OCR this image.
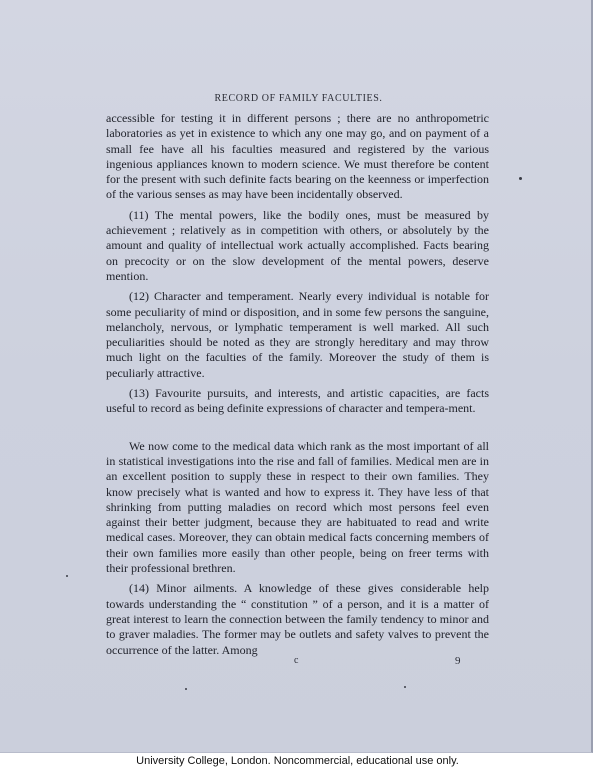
RECORD OF FAMILY FACULTIES.

accessible for testing it in different persons ; there are no anthropometric laboratories as yet in existence to which any one may go, and on payment of a small fee have all his faculties measured and registered by the various ingenious appliances known to modern science. We must therefore be content for the present with such definite facts bearing on the keenness or imperfection of the various senses as may have been incidentally observed.

(11) The mental powers, like the bodily ones, must be measured by achievement ; relatively as in competition with others, or absolutely by the amount and quality of intellectual work actually accomplished. Facts bearing on precocity or on the slow development of the mental powers, deserve mention.

(12) Character and temperament. Nearly every individual is notable for some peculiarity of mind or disposition, and in some few persons the sanguine, melancholy, nervous, or lymphatic temperament is well marked. All such peculiarities should be noted as they are strongly hereditary and may throw much light on the faculties of the family. Moreover the study of them is peculiarly attractive.

(13) Favourite pursuits, and interests, and artistic capacities, are facts useful to record as being definite expressions of character and tempera-ment.

We now come to the medical data which rank as the most important of all in statistical investigations into the rise and fall of families. Medical men are in an excellent position to supply these in respect to their own families. They know precisely what is wanted and how to express it. They have less of that shrinking from putting maladies on record which most persons feel even against their better judgment, because they are habituated to read and write medical cases. Moreover, they can obtain medical facts concerning members of their own families more easily than other people, being on freer terms with their professional brethren.

(14) Minor ailments. A knowledge of these gives considerable help towards understanding the “ constitution ” of a person, and it is a matter of great interest to learn the connection between the family tendency to minor and to graver maladies. The former may be outlets and safety valves to prevent the occurrence of the latter. Among

c	9
University College, London. Noncommercial, educational use only.
